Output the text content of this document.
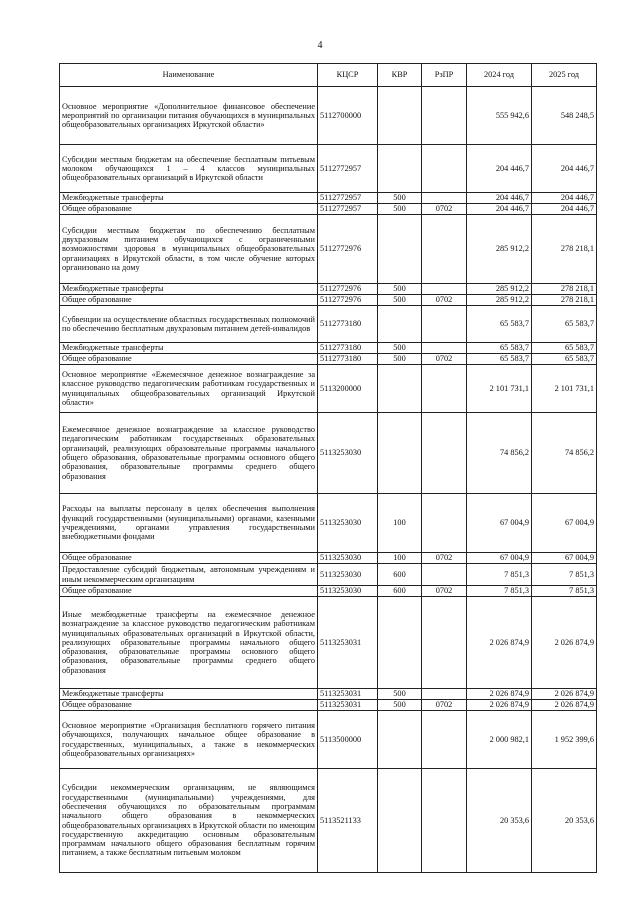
4
Наименование	КЦСР	КВР	РзПР	2024 год	2025 год
Основное мероприятие «Дополнительное финансовое обеспечение мероприятий по организации питания обучающихся в муниципальных общеобразовательных организациях Иркутской области»	5112700000			555 942,6	548 248,5
Субсидии местным бюджетам на обеспечение бесплатным питьевым молоком обучающихся 1 – 4 классов муниципальных общеобразовательных организаций в Иркутской области	5112772957			204 446,7	204 446,7
Межбюджетные трансферты	5112772957	500		204 446,7	204 446,7
Общее образование	5112772957	500	0702	204 446,7	204 446,7
Субсидии местным бюджетам по обеспечению бесплатным двухразовым питанием обучающихся с ограниченными возможностями здоровья в муниципальных общеобразовательных организациях в Иркутской области, в том числе обучение которых организовано на дому	5112772976			285 912,2	278 218,1
Межбюджетные трансферты	5112772976	500		285 912,2	278 218,1
Общее образование	5112772976	500	0702	285 912,2	278 218,1
Субвенции на осуществление областных государственных полномочий по обеспечению бесплатным двухразовым питанием детей-инвалидов	5112773180			65 583,7	65 583,7
Межбюджетные трансферты	5112773180	500		65 583,7	65 583,7
Общее образование	5112773180	500	0702	65 583,7	65 583,7
Основное мероприятие «Ежемесячное денежное вознаграждение за классное руководство педагогическим работникам государственных и муниципальных общеобразовательных организаций Иркутской области»	5113200000			2 101 731,1	2 101 731,1
Ежемесячное денежное вознаграждение за классное руководство педагогическим работникам государственных образовательных организаций, реализующих образовательные программы начального общего образования, образовательные программы основного общего образования, образовательные программы среднего общего образования	5113253030			74 856,2	74 856,2
Расходы на выплаты персоналу в целях обеспечения выполнения функций государственными (муниципальными) органами, казенными учреждениями, органами управления государственными внебюджетными фондами	5113253030	100		67 004,9	67 004,9
Общее образование	5113253030	100	0702	67 004,9	67 004,9
Предоставление субсидий бюджетным, автономным учреждениям и иным некоммерческим организациям	5113253030	600		7 851,3	7 851,3
Общее образование	5113253030	600	0702	7 851,3	7 851,3
Иные межбюджетные трансферты на ежемесячное денежное вознаграждение за классное руководство педагогическим работникам муниципальных образовательных организаций в Иркутской области, реализующих образовательные программы начального общего образования, образовательные программы основного общего образования, образовательные программы среднего общего образования	5113253031			2 026 874,9	2 026 874,9
Межбюджетные трансферты	5113253031	500		2 026 874,9	2 026 874,9
Общее образование	5113253031	500	0702	2 026 874,9	2 026 874,9
Основное мероприятие «Организация бесплатного горячего питания обучающихся, получающих начальное общее образование в государственных, муниципальных, а также в некоммерческих общеобразовательных организациях»	5113500000			2 000 982,1	1 952 399,6
Субсидии некоммерческим организациям, не являющимся государственными (муниципальными) учреждениями, для обеспечения обучающихся по образовательным программам начального общего образования в некоммерческих общеобразовательных организациях в Иркутской области по имеющим государственную аккредитацию основным образовательным программам начального общего образования бесплатным горячим питанием, а также бесплатным питьевым молоком	5113521133			20 353,6	20 353,6
